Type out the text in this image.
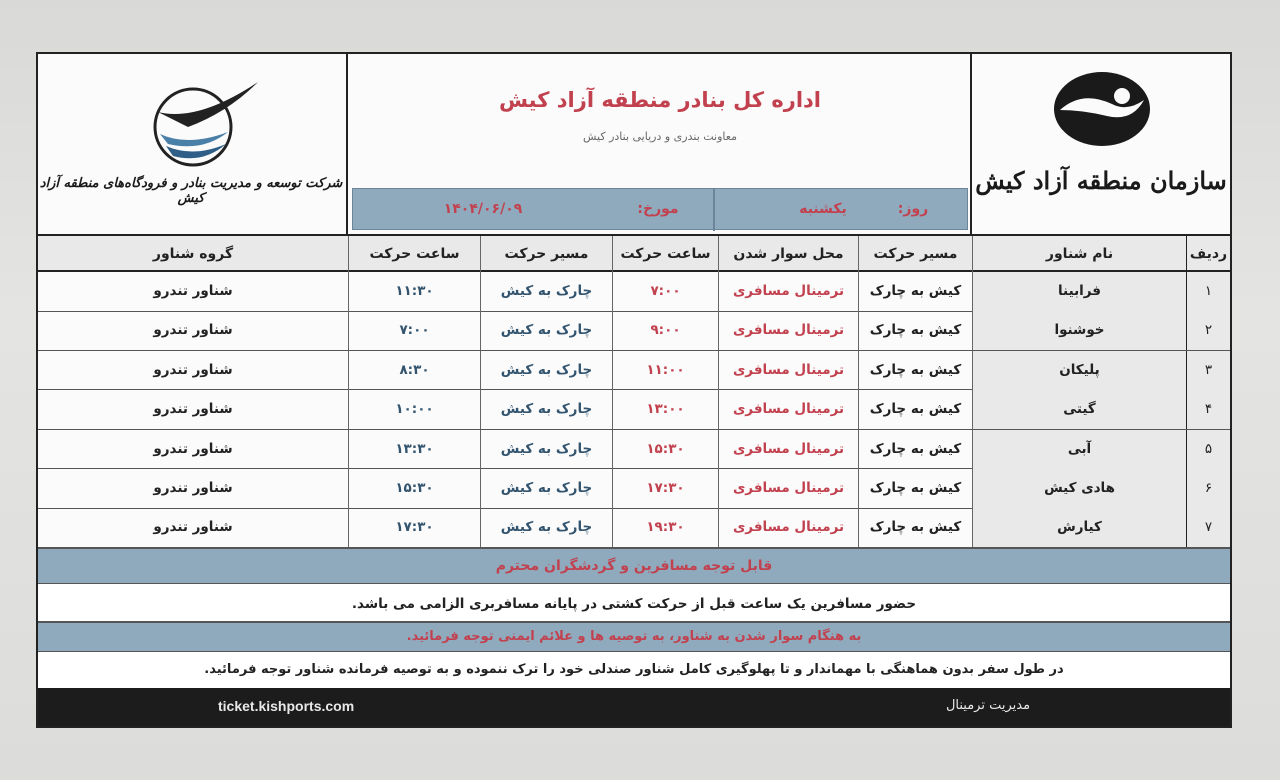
شرکت توسعه و مدیریت بنادر و فرودگاه‌های منطقه آزاد کیش
اداره کل بنادر منطقه آزاد کیش
معاونت بندری و دریایی بنادر کیش
روز:
یکشنبه
مورخ:
۱۴۰۴/۰۶/۰۹
سازمان منطقه آزاد کیش
ردیف
نام شناور
مسیر حرکت
محل سوار شدن
ساعت حرکت
مسیر حرکت
ساعت حرکت
گروه شناور
۱
فرابینا
کیش به چارک
ترمینال مسافری
۷:۰۰
چارک به کیش
۱۱:۳۰
شناور تندرو
۲
خوشنوا
کیش به چارک
ترمینال مسافری
۹:۰۰
چارک به کیش
۷:۰۰
شناور تندرو
۳
پلیکان
کیش به چارک
ترمینال مسافری
۱۱:۰۰
چارک به کیش
۸:۳۰
شناور تندرو
۴
گیتی
کیش به چارک
ترمینال مسافری
۱۳:۰۰
چارک به کیش
۱۰:۰۰
شناور تندرو
۵
آبی
کیش به چارک
ترمینال مسافری
۱۵:۳۰
چارک به کیش
۱۳:۳۰
شناور تندرو
۶
هادی کیش
کیش به چارک
ترمینال مسافری
۱۷:۳۰
چارک به کیش
۱۵:۳۰
شناور تندرو
۷
کیارش
کیش به چارک
ترمینال مسافری
۱۹:۳۰
چارک به کیش
۱۷:۳۰
شناور تندرو
قابل توجه مسافرین و گردشگران محترم
حضور مسافرین یک ساعت قبل از حرکت کشتی در پایانه مسافربری الزامی می باشد.
به هنگام سوار شدن به شناور، به توصیه ها و علائم ایمنی توجه فرمائید.
در طول سفر بدون هماهنگی با مهماندار و تا پهلوگیری کامل شناور صندلی خود را ترک ننموده و به توصیه فرمانده شناور توجه فرمائید.
ticket.kishports.com	مدیریت ترمینال
